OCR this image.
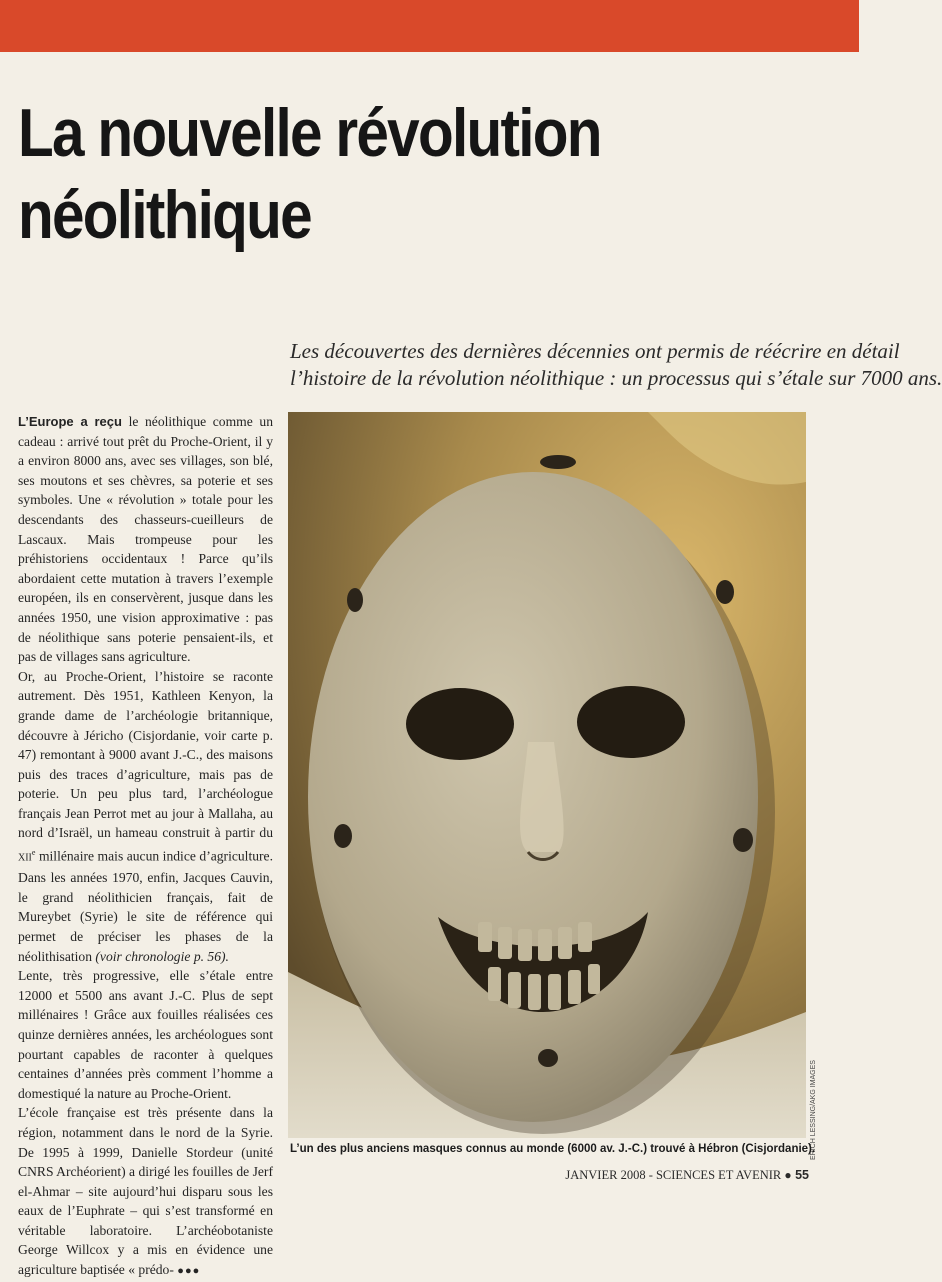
La nouvelle révolution
néolithique
Les découvertes des dernières décennies ont permis de réécrire en détail
l’histoire de la révolution néolithique : un processus qui s’étale sur 7000 ans.

L’Europe a reçu le néolithique comme un cadeau : arrivé tout prêt du Proche-Orient, il y a environ 8000 ans, avec ses villages, son blé, ses moutons et ses chèvres, sa poterie et ses symboles. Une « révolution » totale pour les descendants des chasseurs-cueilleurs de Lascaux. Mais trompeuse pour les préhistoriens occidentaux ! Parce qu’ils abordaient cette mutation à travers l’exemple européen, ils en conservèrent, jusque dans les années 1950, une vision approximative : pas de néolithique sans poterie pensaient-ils, et pas de villages sans agriculture.

Or, au Proche-Orient, l’histoire se raconte autrement. Dès 1951, Kathleen Kenyon, la grande dame de l’archéologie britannique, découvre à Jéricho (Cisjordanie, voir carte p. 47) remontant à 9000 avant J.-C., des maisons puis des traces d’agriculture, mais pas de poterie. Un peu plus tard, l’archéologue français Jean Perrot met au jour à Mallaha, au nord d’Israël, un hameau construit à partir du XIIe millénaire mais aucun indice d’agriculture. Dans les années 1970, enfin, Jacques Cauvin, le grand néolithicien français, fait de Mureybet (Syrie) le site de référence qui permet de préciser les phases de la néolithisation (voir chronologie p. 56).

Lente, très progressive, elle s’étale entre 12000 et 5500 ans avant J.-C. Plus de sept millénaires ! Grâce aux fouilles réalisées ces quinze dernières années, les archéologues sont pourtant capables de raconter à quelques centaines d’années près comment l’homme a domestiqué la nature au Proche-Orient.

L’école française est très présente dans la région, notamment dans le nord de la Syrie. De 1995 à 1999, Danielle Stordeur (unité CNRS Archéorient) a dirigé les fouilles de Jerf el-Ahmar – site aujourd’hui disparu sous les eaux de l’Euphrate – qui s’est transformé en véritable laboratoire. L’archéobotaniste George Willcox y a mis en évidence une agriculture baptisée « prédo- ●●●

ERICH LESSING/AKG IMAGES
L’un des plus anciens masques connus au monde (6000 av. J.-C.) trouvé à Hébron (Cisjordanie).
JANVIER 2008 - SCIENCES ET AVENIR ● 55
